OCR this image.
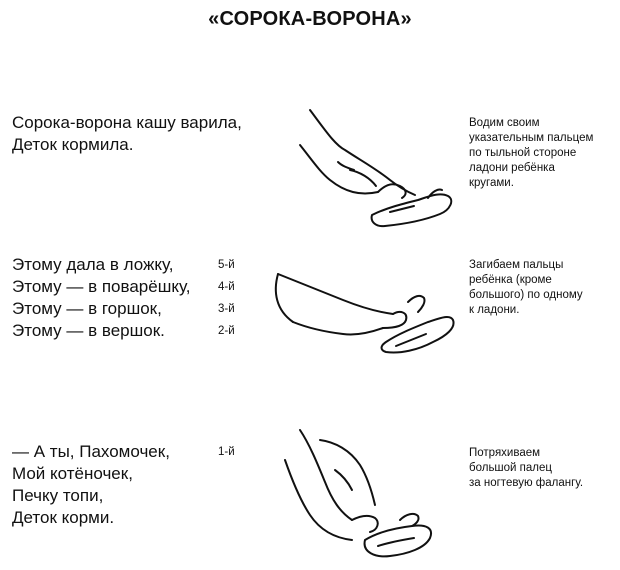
«СОРОКА-ВОРОНА»
Сорока-ворона кашу варила,
Деток кормила.
Водим своим
указательным пальцем
по тыльной стороне
ладони ребёнка
кругами.
Этому дала в ложку,
Этому — в поварёшку,
Этому — в горшок,
Этому — в вершок.
5-й
4-й
3-й
2-й
Загибаем пальцы
ребёнка (кроме
большого) по одному
к ладони.
— А ты, Пахомочек,
Мой котёночек,
Печку топи,
Деток корми.
1-й	Потряхиваем
большой палец
за ногтевую фалангу.
